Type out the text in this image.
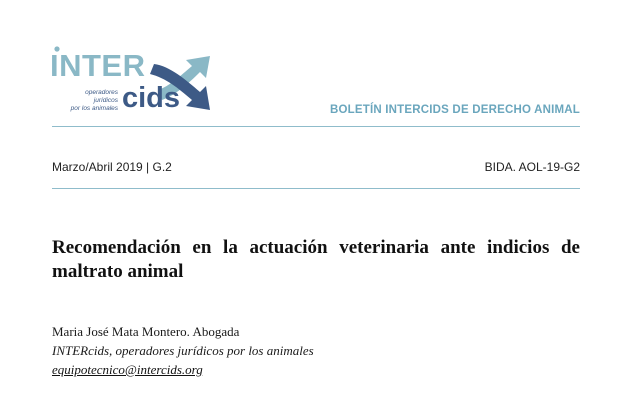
INTER
operadores
jurídicos
por los animales cids	BOLETÍN INTERCIDS DE DERECHO ANIMAL
Marzo/Abril 2019 | G.2	BIDA. AOL-19-G2
Recomendación en la actuación veterinaria ante indicios de maltrato animal
Maria José Mata Montero. Abogada
INTERcids, operadores jurídicos por los animales
equipotecnico@intercids.org
